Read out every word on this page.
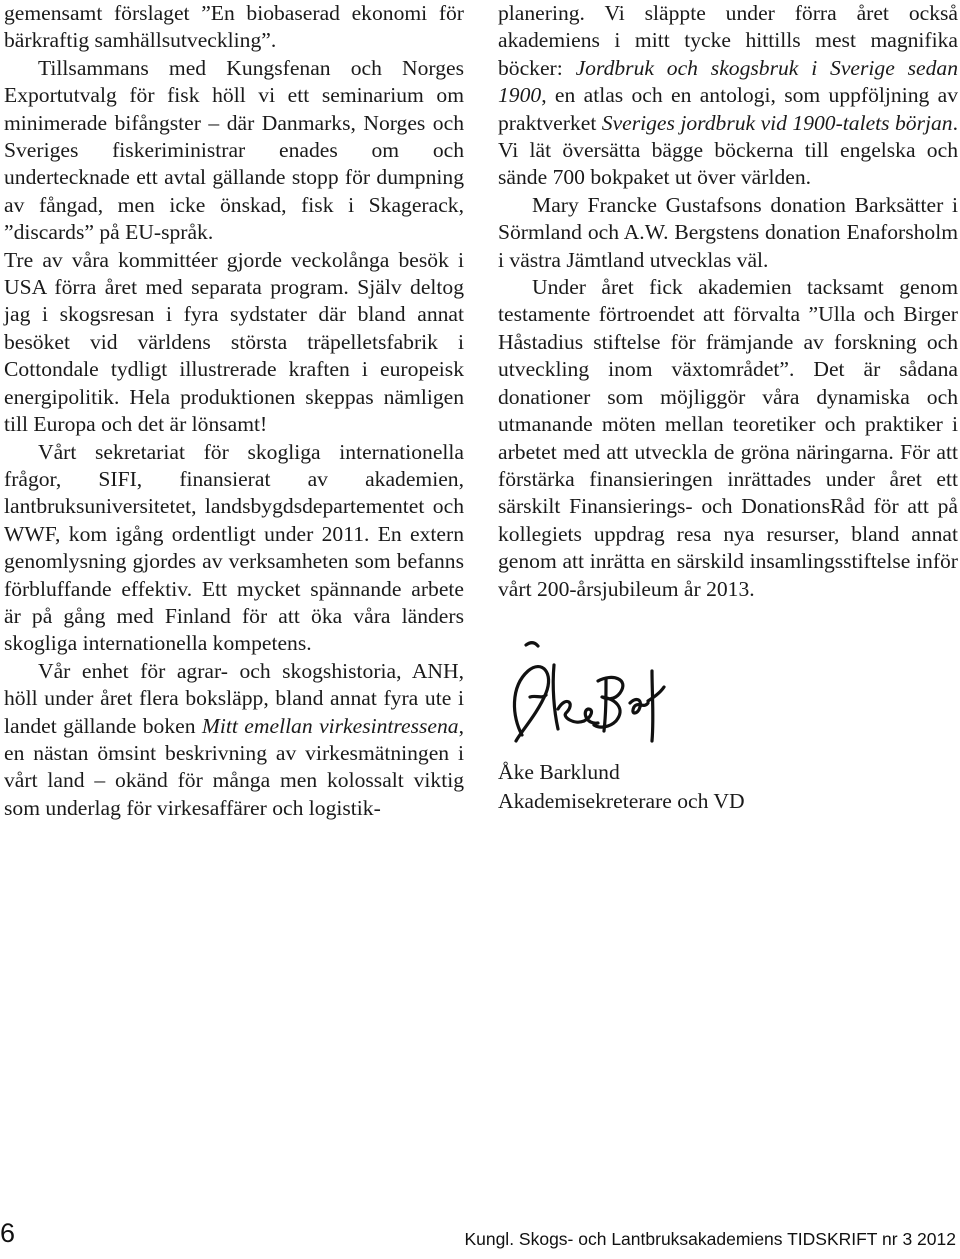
gemensamt förslaget ”En biobaserad ekonomi för bärkraftig samhällsutveckling”.

Tillsammans med Kungsfenan och Norges Exportutvalg för fisk höll vi ett seminarium om minimerade bifångster – där Danmarks, Norges och Sveriges fiskeriministrar enades om och undertecknade ett avtal gällande stopp för dumpning av fångad, men icke önskad, fisk i Skagerack, ”discards” på EU-språk.

Tre av våra kommittéer gjorde veckolånga besök i USA förra året med separata program. Själv deltog jag i skogsresan i fyra sydstater där bland annat besöket vid världens största träpelletsfabrik i Cottondale tydligt illustrerade kraften i europeisk energipolitik. Hela produktionen skeppas nämligen till Europa och det är lönsamt!

Vårt sekretariat för skogliga internationella frågor, SIFI, finansierat av akademien, lantbruksuniversitetet, landsbygdsdepartementet och WWF, kom igång ordentligt under 2011. En extern genomlysning gjordes av verksamheten som befanns förbluffande effektiv. Ett mycket spännande arbete är på gång med Finland för att öka våra länders skogliga internationella kompetens.

Vår enhet för agrar- och skogshistoria, ANH, höll under året flera boksläpp, bland annat fyra ute i landet gällande boken Mitt emellan virkesintressena, en nästan ömsint beskrivning av virkesmätningen i vårt land – okänd för många men kolossalt viktig som underlag för virkesaffärer och logistik-

planering. Vi släppte under förra året också akademiens i mitt tycke hittills mest magnifika böcker: Jordbruk och skogsbruk i Sverige sedan 1900, en atlas och en antologi, som uppföljning av praktverket Sveriges jordbruk vid 1900-talets början. Vi lät översätta bägge böckerna till engelska och sände 700 bokpaket ut över världen.

Mary Francke Gustafsons donation Barksätter i Sörmland och A.W. Bergstens donation Enaforsholm i västra Jämtland utvecklas väl.

Under året fick akademien tacksamt genom testamente förtroendet att förvalta ”Ulla och Birger Håstadius stiftelse för främjande av forskning och utveckling inom växtområdet”. Det är sådana donationer som möjliggör våra dynamiska och utmanande möten mellan teoretiker och praktiker i arbetet med att utveckla de gröna näringarna. För att förstärka finansieringen inrättades under året ett särskilt Finansierings- och DonationsRåd för att på kollegiets uppdrag resa nya resurser, bland annat genom att inrätta en särskild insamlingsstiftelse inför vårt 200-årsjubileum år 2013.

Åke Barklund
Akademisekreterare och VD
6	Kungl. Skogs- och Lantbruksakademiens TIDSKRIFT nr 3 2012
